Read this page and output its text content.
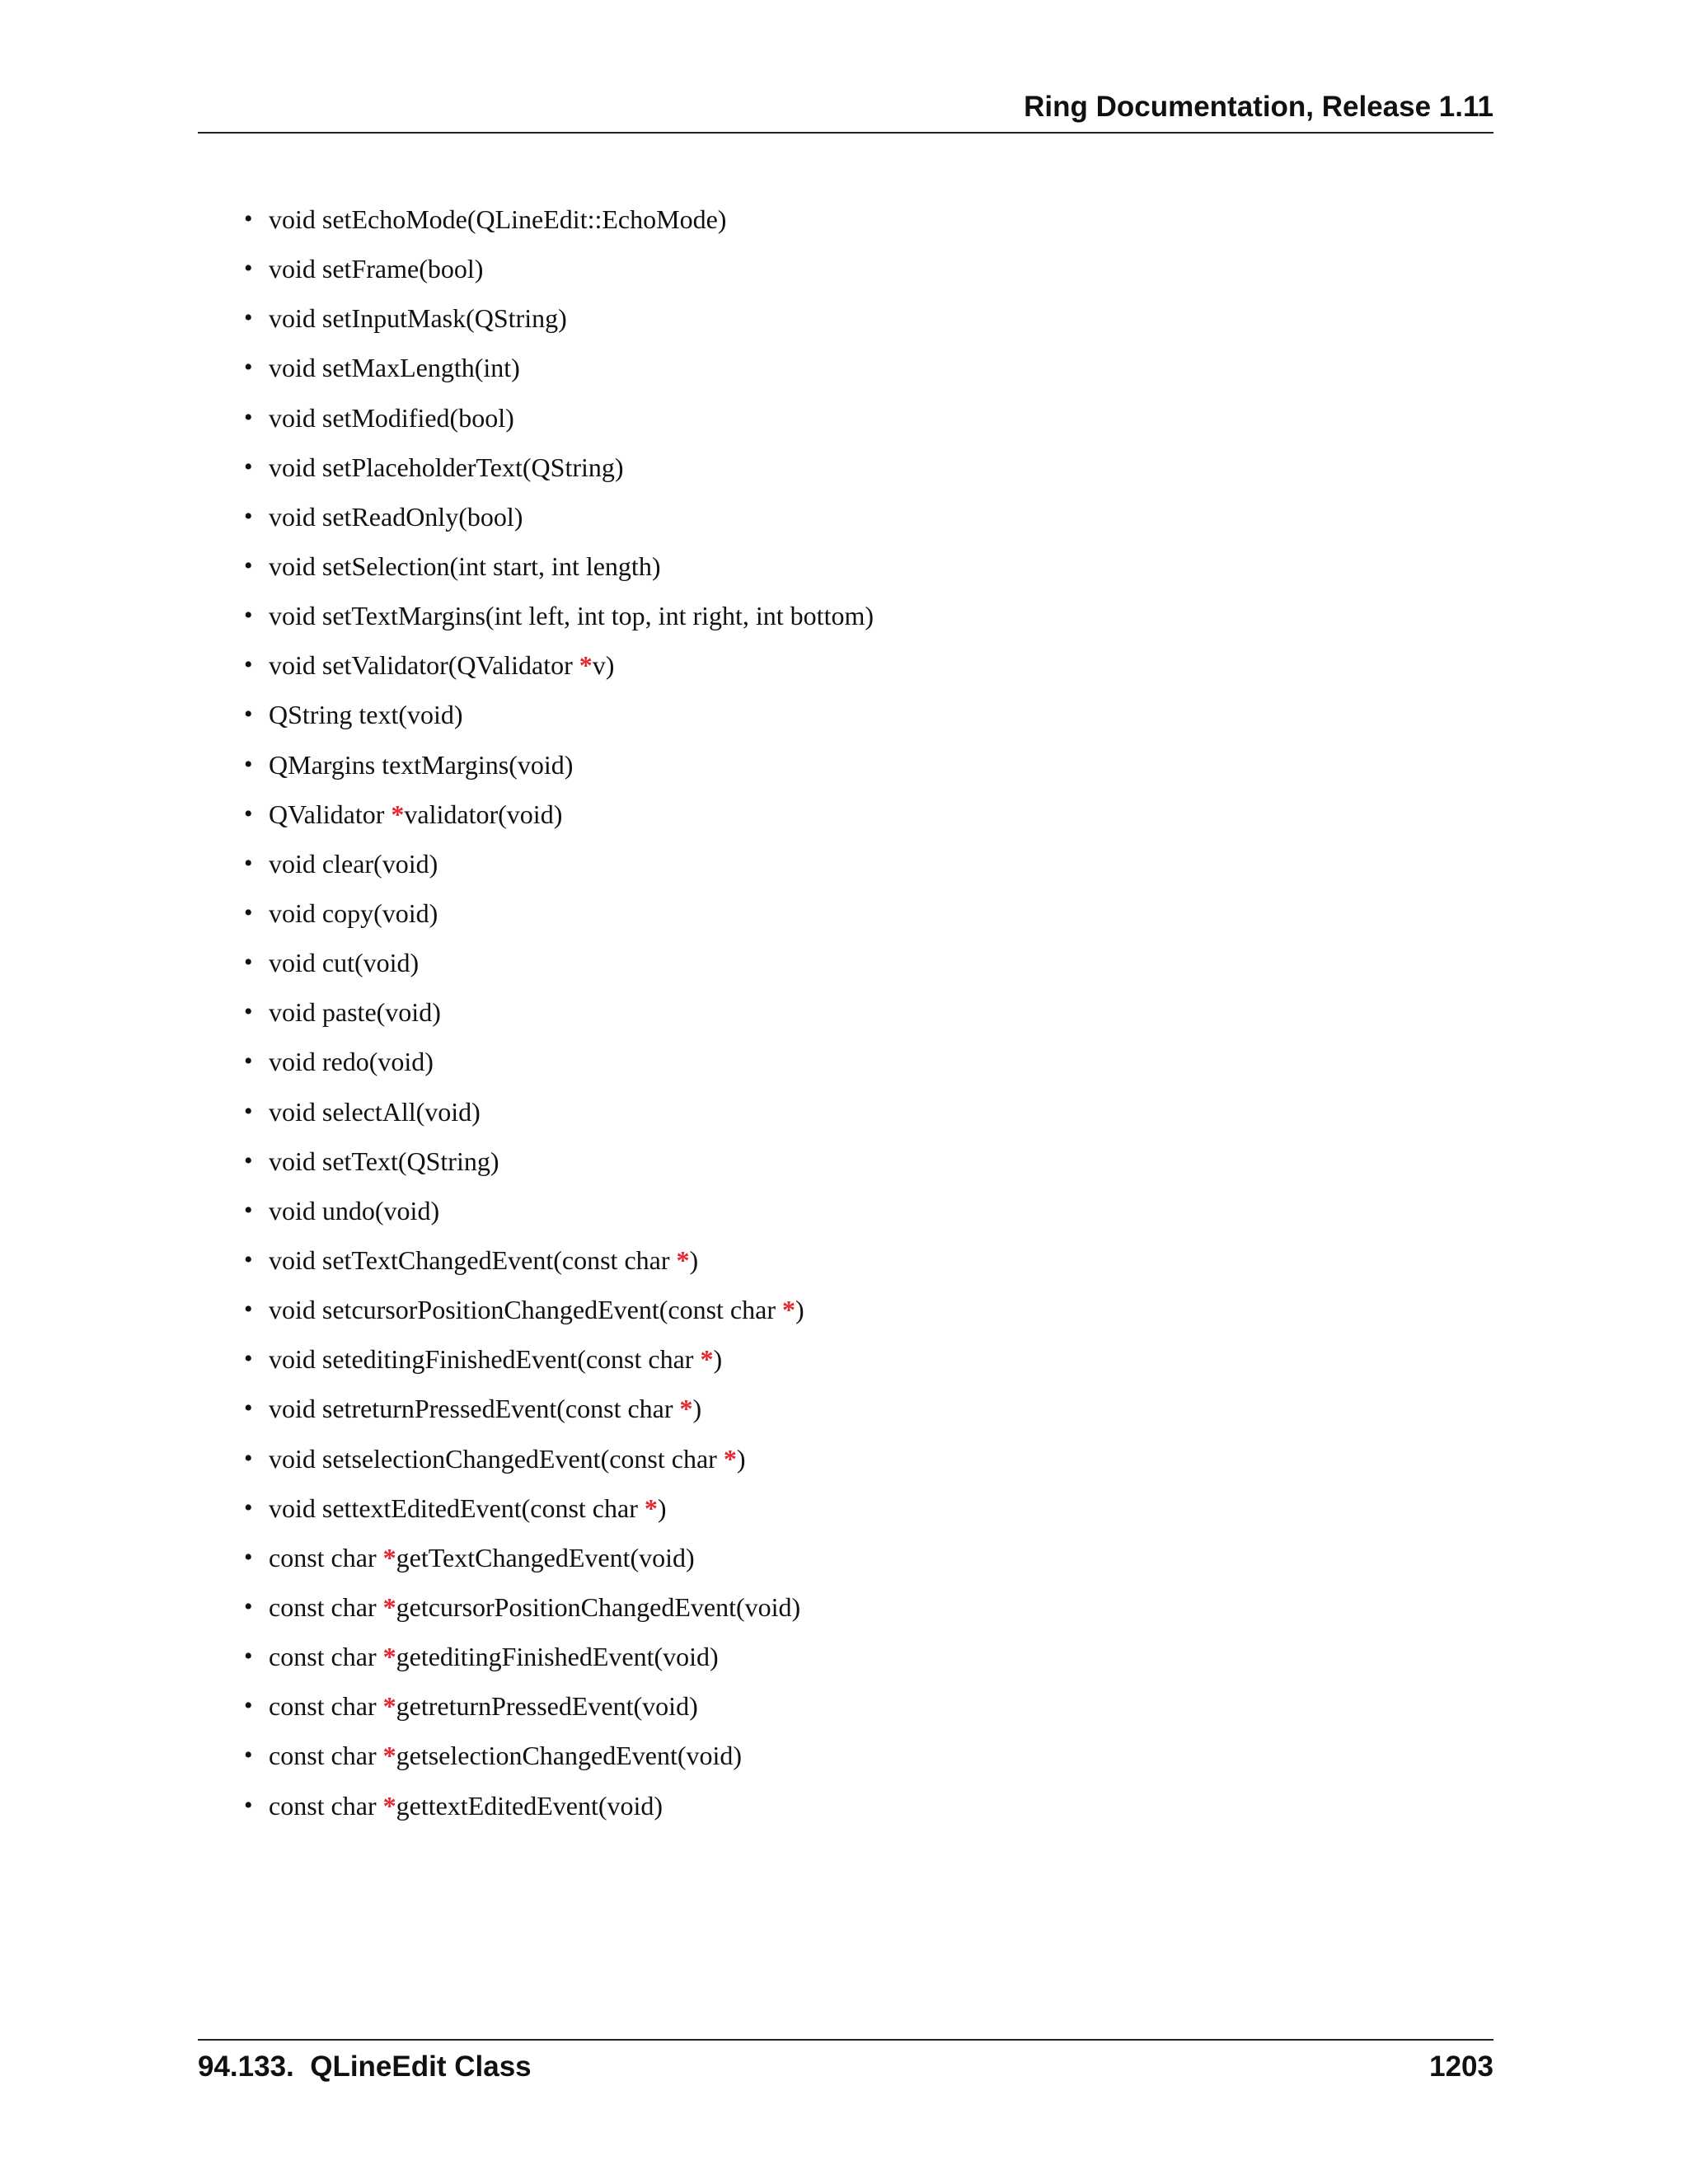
Ring Documentation, Release 1.11
• void setEchoMode(QLineEdit::EchoMode)
• void setFrame(bool)
• void setInputMask(QString)
• void setMaxLength(int)
• void setModified(bool)
• void setPlaceholderText(QString)
• void setReadOnly(bool)
• void setSelection(int start, int length)
• void setTextMargins(int left, int top, int right, int bottom)
• void setValidator(QValidator *v)
• QString text(void)
• QMargins textMargins(void)
• QValidator *validator(void)
• void clear(void)
• void copy(void)
• void cut(void)
• void paste(void)
• void redo(void)
• void selectAll(void)
• void setText(QString)
• void undo(void)
• void setTextChangedEvent(const char *)
• void setcursorPositionChangedEvent(const char *)
• void seteditingFinishedEvent(const char *)
• void setreturnPressedEvent(const char *)
• void setselectionChangedEvent(const char *)
• void settextEditedEvent(const char *)
• const char *getTextChangedEvent(void)
• const char *getcursorPositionChangedEvent(void)
• const char *geteditingFinishedEvent(void)
• const char *getreturnPressedEvent(void)
• const char *getselectionChangedEvent(void)
• const char *gettextEditedEvent(void)
94.133.  QLineEdit Class	1203
